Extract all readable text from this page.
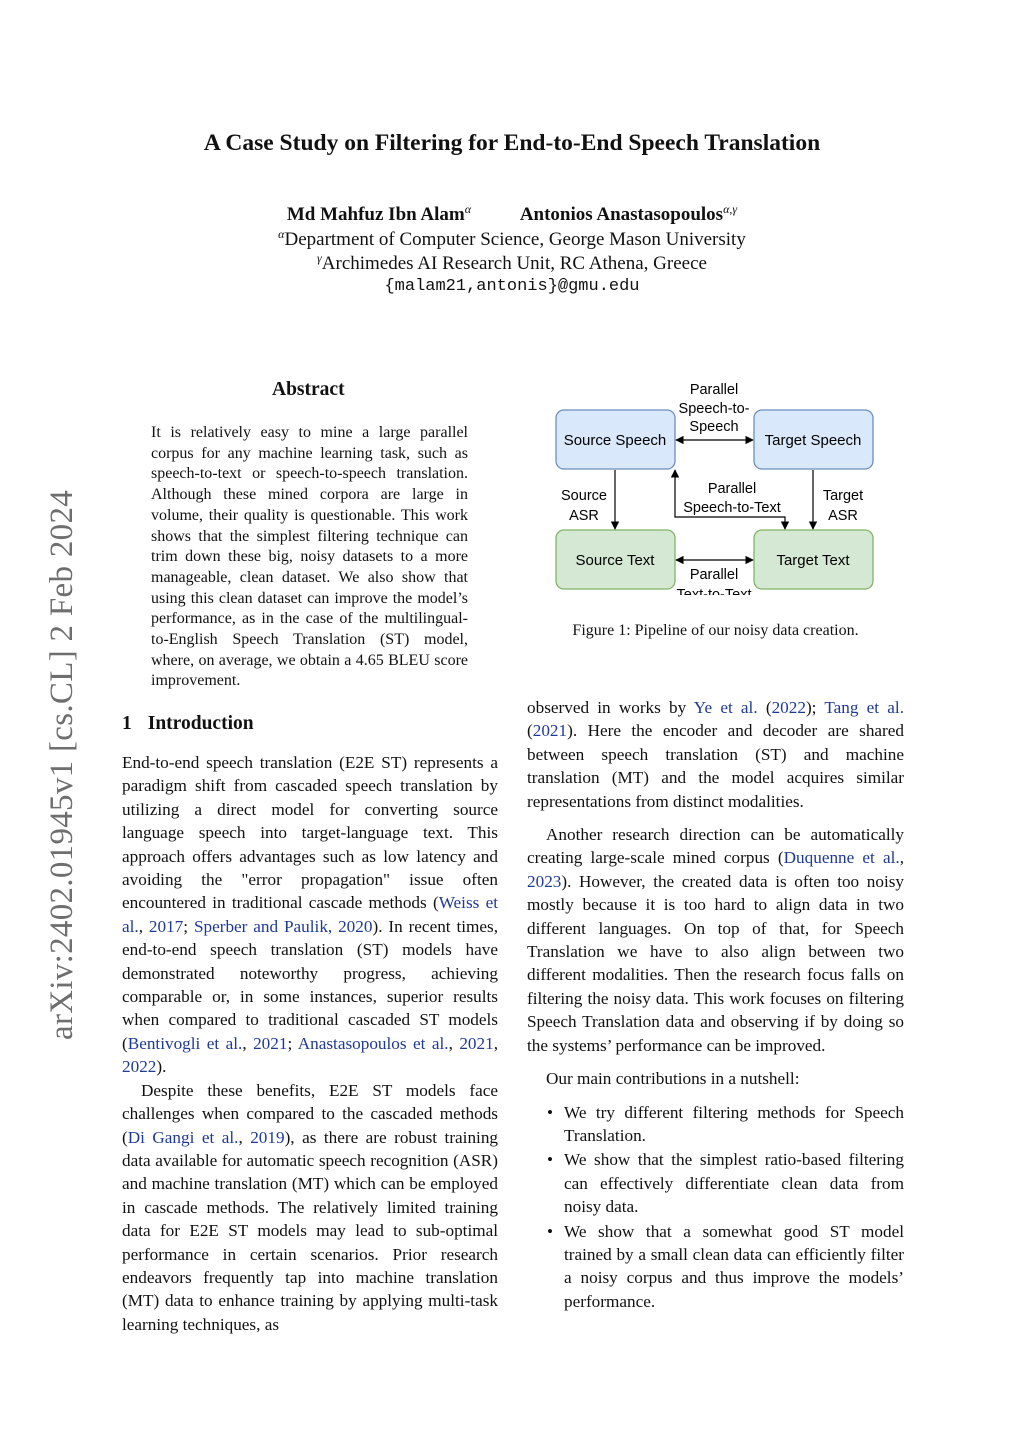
arXiv:2402.01945v1 [cs.CL] 2 Feb 2024
A Case Study on Filtering for End-to-End Speech Translation
Md Mahfuz Ibn Alam$^\alpha$	Antonios Anastasopoulos$^{\alpha,\gamma}$
$^\alpha$Department of Computer Science, George Mason University
$^\gamma$Archimedes AI Research Unit, RC Athena, Greece
{malam21,antonis}@gmu.edu
Abstract
It is relatively easy to mine a large parallel corpus for any machine learning task, such as speech-to-text or speech-to-speech translation. Although these mined corpora are large in volume, their quality is questionable. This work shows that the simplest filtering technique can trim down these big, noisy datasets to a more manageable, clean dataset. We also show that using this clean dataset can improve the model’s performance, as in the case of the multilingual-to-English Speech Translation (ST) model, where, on average, we obtain a 4.65 BLEU score improvement.
1 Introduction

End-to-end speech translation (E2E ST) represents a paradigm shift from cascaded speech translation by utilizing a direct model for converting source language speech into target-language text. This approach offers advantages such as low latency and avoiding the "error propagation" issue often encountered in traditional cascade methods (Weiss et al., 2017; Sperber and Paulik, 2020). In recent times, end-to-end speech translation (ST) models have demonstrated noteworthy progress, achieving comparable or, in some instances, superior results when compared to traditional cascaded ST models (Bentivogli et al., 2021; Anastasopoulos et al., 2021, 2022).

Despite these benefits, E2E ST models face challenges when compared to the cascaded methods (Di Gangi et al., 2019), as there are robust training data available for automatic speech recognition (ASR) and machine translation (MT) which can be employed in cascade methods. The relatively limited training data for E2E ST models may lead to sub-optimal performance in certain scenarios. Prior research endeavors frequently tap into machine translation (MT) data to enhance training by applying multi-task learning techniques, as

Source Speech	Target Speech
Source Text	Target Text
Parallel
Speech-to-
Speech
Source
ASR
Target
ASR
Parallel
Speech-to-Text
Parallel
Text-to-Text
Figure 1: Pipeline of our noisy data creation.

observed in works by Ye et al. (2022); Tang et al. (2021). Here the encoder and decoder are shared between speech translation (ST) and machine translation (MT) and the model acquires similar representations from distinct modalities.

Another research direction can be automatically creating large-scale mined corpus (Duquenne et al., 2023). However, the created data is often too noisy mostly because it is too hard to align data in two different languages. On top of that, for Speech Translation we have to also align between two different modalities. Then the research focus falls on filtering the noisy data. This work focuses on filtering Speech Translation data and observing if by doing so the systems’ performance can be improved.

Our main contributions in a nutshell:

• We try different filtering methods for Speech Translation.
• We show that the simplest ratio-based filtering can effectively differentiate clean data from noisy data.
• We show that a somewhat good ST model trained by a small clean data can efficiently filter a noisy corpus and thus improve the models’ performance.
